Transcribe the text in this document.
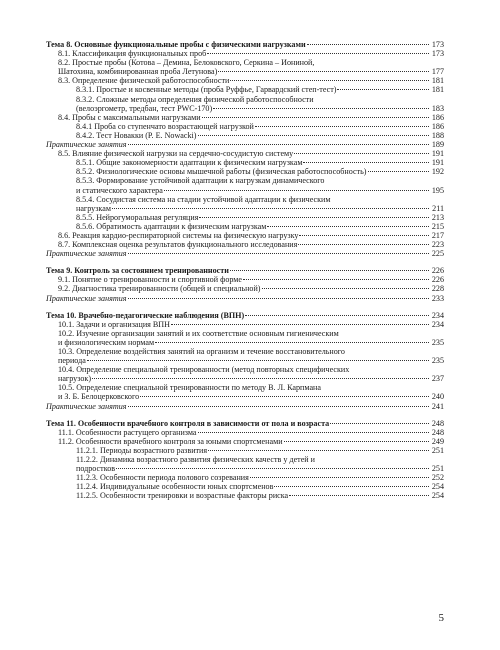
Тема 8. Основные функциональные пробы с физическими нагрузками	173
8.1. Классификация функциональных проб	173
8.2. Простые пробы (Котова – Демина, Белоковского, Серкина – Иониной,
Шатохина, комбинированная проба Летунова)	177
8.3. Определение физической работоспособности	181
8.3.1. Простые и косвенные методы (проба Руффье, Гарвардский степ-тест)	181
8.3.2. Сложные методы определения физической работоспособности
(велоэргометр, тредбан, тест PWC-170)	183
8.4. Пробы с максимальными нагрузками	186
8.4.1 Проба со ступенчато возрастающей нагрузкой	186
8.4.2. Тест Новакки (P. E. Nowacki)	188
Практические занятия	189
8.5. Влияние физической нагрузки на сердечно-сосудистую систему	191
8.5.1. Общие закономерности адаптации к физическим нагрузкам	191
8.5.2. Физиологические основы мышечной работы (физическая работоспособность)	192
8.5.3. Формирование устойчивой адаптации к нагрузкам динамического
и статического характера	195
8.5.4. Сосудистая система на стадии устойчивой адаптации к физическим
нагрузкам	211
8.5.5. Нейрогуморальная регуляция	213
8.5.6. Обратимость адаптации к физическим нагрузкам	215
8.6. Реакция кардио-респираторной системы на физическую нагрузку	217
8.7. Комплексная оценка результатов функционального исследования	223
Практические занятия	225
Тема 9. Контроль за состоянием тренированности	226
9.1. Понятие о тренированности и спортивной форме	226
9.2. Диагностика тренированности (общей и специальной)	228
Практические занятия	233
Тема 10. Врачебно-педагогические наблюдения (ВПН)	234
10.1. Задачи и организация ВПН	234
10.2. Изучение организации занятий и их соответствие основным гигиеническим
и физиологическим нормам	235
10.3. Определение воздействия занятий на организм и течение восстановительного
периода	235
10.4. Определение специальной тренированности (метод повторных специфических
нагрузок)	237
10.5. Определение специальной тренированности по методу В. Л. Карпмана
и З. Б. Белоцерковского	240
Практические занятия	241
Тема 11. Особенности врачебного контроля в зависимости от пола и возраста	248
11.1. Особенности растущего организма	248
11.2. Особенности врачебного контроля за юными спортсменами	249
11.2.1. Периоды возрастного развития	251
11.2.2. Динамика возрастного развития физических качеств у детей и
подростков	251
11.2.3. Особенности периода полового созревания	252
11.2.4. Индивидуальные особенности юных спортсменов	254
11.2.5. Особенности тренировки и возрастные факторы риска	254
5
